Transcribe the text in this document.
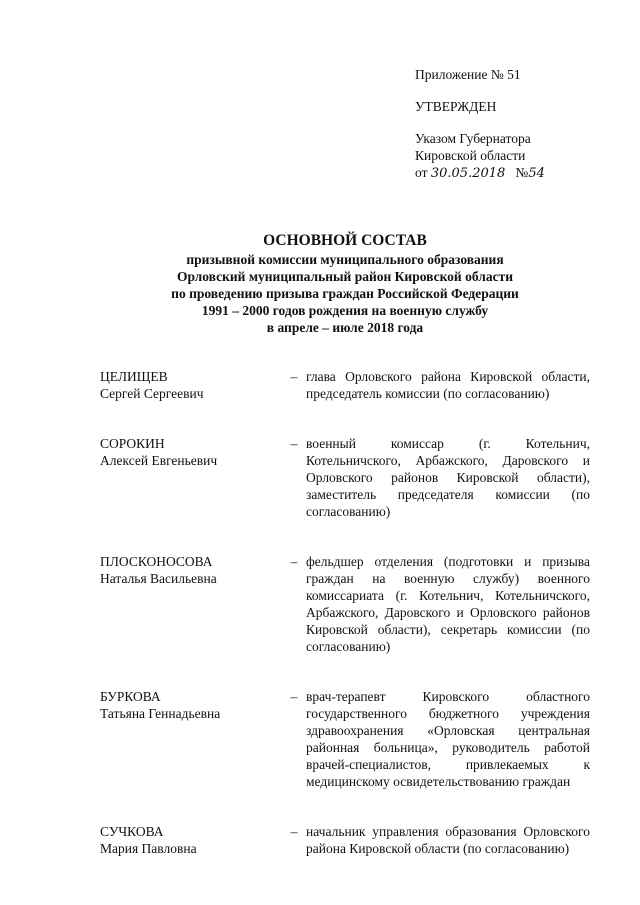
Приложение № 51
УТВЕРЖДЕН
Указом Губернатора
Кировской области
от 30.05.2018 №54
ОСНОВНОЙ СОСТАВ
призывной комиссии муниципального образования
Орловский муниципальный район Кировской области
по проведению призыва граждан Российской Федерации
1991 – 2000 годов рождения на военную службу
в апреле – июле 2018 года
ЦЕЛИЩЕВ
Сергей Сергеевич
– глава Орловского района Кировской области, председатель комиссии (по согласованию)
СОРОКИН
Алексей Евгеньевич
– военный комиссар (г. Котельнич, Котельничского, Арбажского, Даровского и Орловского районов Кировской области), заместитель председателя комиссии (по согласованию)
ПЛОСКОНОСОВА
Наталья Васильевна
– фельдшер отделения (подготовки и призыва граждан на военную службу) военного комиссариата (г. Котельнич, Котельничского, Арбажского, Даровского и Орловского районов Кировской области), секретарь комиссии (по согласованию)
БУРКОВА
Татьяна Геннадьевна
– врач-терапевт Кировского областного государственного бюджетного учреждения здравоохранения «Орловская центральная районная больница», руководитель работой врачей-специалистов, привлекаемых к медицинскому освидетельствованию граждан
СУЧКОВА
Мария Павловна
– начальник управления образования Орловского района Кировской области (по согласованию)
